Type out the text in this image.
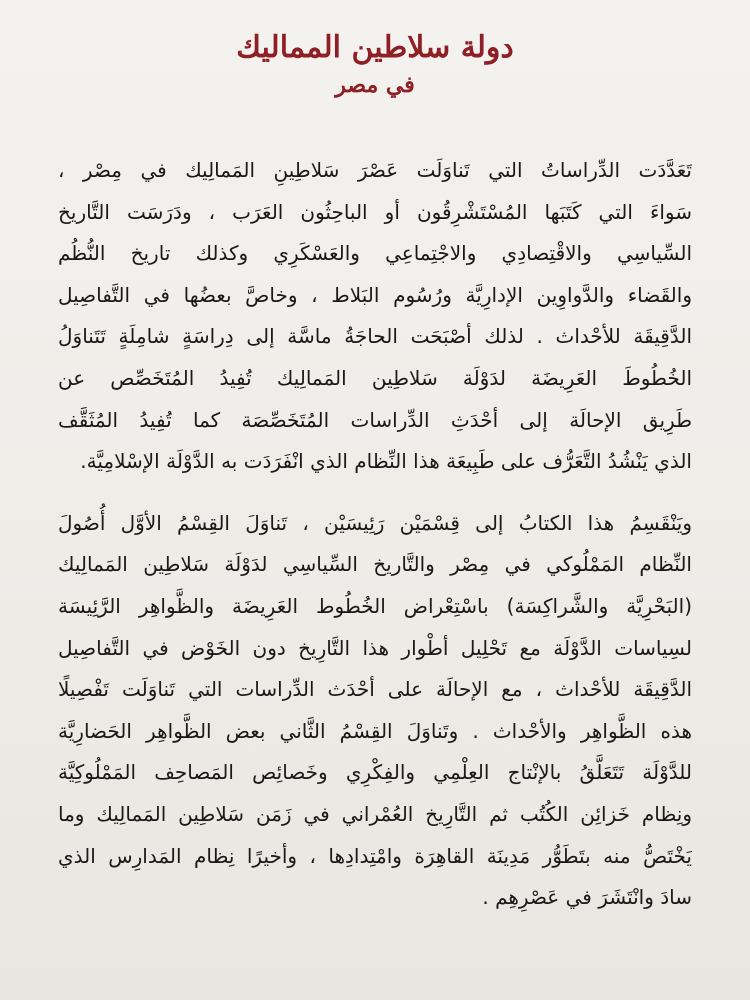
دولة سلاطين المماليك
في مصر
تَعَدَّدَت الدِّراساتُ التي تَناوَلَت عَصْرَ سَلاطِينِ المَمالِيك في مِصْر ،
سَواءَ التي كَتَبَها المُسْتَشْرِقُون أو الباحِثُون العَرَب ، ودَرَسَت التَّاريخ
السِّياسِي والاقْتِصادِي والاجْتِماعِي والعَسْكَرِي وكذلك تاريخ النُّظُم
والقَضاء والدَّواوِين الإدارِيَّة ورُسُوم البَلاط ، وخاصَّ بعضُها في التَّفاصِيل
الدَّقِيقَة للأحْداث . لذلك أصْبَحَت الحاجَةُ ماسَّة إلى دِراسَةٍ شامِلَةٍ تَتَناوَلُ
الخُطُوطَ العَرِيضَة لدَوْلَة سَلاطِين المَمالِيك تُفِيدُ المُتَخَصِّص عن
طَرِيق الإحالَة إلى أحْدَثِ الدِّراسات المُتَخَصِّصَة كما تُفِيدُ المُثَقَّف
الذي يَنْشُدُ التَّعَرُّف على طَبِيعَة هذا النِّظام الذي انْفَرَدَت به الدَّوْلَة الإسْلامِيَّة.
ويَنْقَسِمُ هذا الكتابُ إلى قِسْمَيْن رَئِيسَيْن ، تَناوَلَ القِسْمُ الأوَّل أُصُولَ
النِّظام المَمْلُوكي في مِصْر والتَّاريخ السِّياسِي لدَوْلَة سَلاطِين المَمالِيك
(البَحْرِيَّة والشَّراكِسَة) باسْتِعْراض الخُطُوط العَرِيضَة والظَّواهِر الرَّئِيسَة
لسِياسات الدَّوْلَة مع تَحْلِيل أطْوار هذا التَّارِيخ دون الخَوْض في التَّفاصِيل
الدَّقِيقَة للأحْداث ، مع الإحالَة على أحْدَث الدِّراسات التي تَناوَلَت تَفْصِيلًا
هذه الظَّواهِر والأحْداث . وتَناوَلَ القِسْمُ الثَّاني بعض الظَّواهِر الحَضارِيَّة
للدَّوْلَة تَتَعَلَّقُ بالإنْتاج العِلْمِي والفِكْرِي وخَصائِص المَصاحِف المَمْلُوكِيَّة
ونِظام خَزائِن الكُتُب ثم التَّارِيخ العُمْراني في زَمَن سَلاطِين المَمالِيك وما
يَخْتَصُّ منه بتَطَوُّر مَدِينَة القاهِرَة وامْتِدادِها ، وأخيرًا نِظام المَدارِس الذي
سادَ وانْتَشَرَ في عَصْرِهِم .
